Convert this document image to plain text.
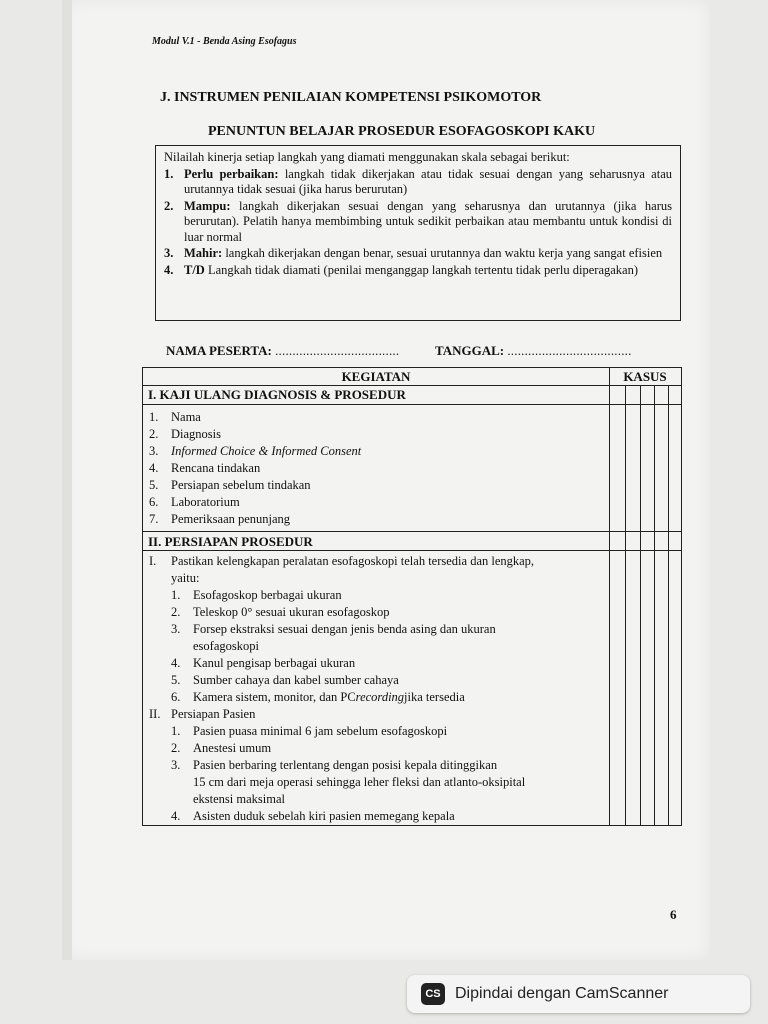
Modul V.1 - Benda Asing Esofagus
J. INSTRUMEN PENILAIAN KOMPETENSI PSIKOMOTOR
PENUNTUN BELAJAR PROSEDUR ESOFAGOSKOPI KAKU
Nilailah kinerja setiap langkah yang diamati menggunakan skala sebagai berikut:
1. Perlu perbaikan: langkah tidak dikerjakan atau tidak sesuai dengan yang seharusnya atau urutannya tidak sesuai (jika harus berurutan)
2. Mampu: langkah dikerjakan sesuai dengan yang seharusnya dan urutannya (jika harus berurutan). Pelatih hanya membimbing untuk sedikit perbaikan atau membantu untuk kondisi di luar normal
3. Mahir: langkah dikerjakan dengan benar, sesuai urutannya dan waktu kerja yang sangat efisien
4. T/D Langkah tidak diamati (penilai menganggap langkah tertentu tidak perlu diperagakan)
NAMA PESERTA: ....................................	TANGGAL: ....................................
KEGIATAN	KASUS
I. KAJI ULANG DIAGNOSIS & PROSEDUR
1.	Nama
2.	Diagnosis
3.	Informed Choice & Informed Consent
4.	Rencana tindakan
5.	Persiapan sebelum tindakan
6.	Laboratorium
7.	Pemeriksaan penunjang
II. PERSIAPAN PROSEDUR
I.	Pastikan kelengkapan peralatan esofagoskopi telah tersedia dan lengkap,
yaitu:
1.	Esofagoskop berbagai ukuran
2.	Teleskop 0° sesuai ukuran esofagoskop
3.	Forsep ekstraksi sesuai dengan jenis benda asing dan ukuran
esofagoskopi
4.	Kanul pengisap berbagai ukuran
5.	Sumber cahaya dan kabel sumber cahaya
6.	Kamera sistem, monitor, dan PC recording jika tersedia
II. Persiapan Pasien
1.	Pasien puasa minimal 6 jam sebelum esofagoskopi
2.	Anestesi umum
3.	Pasien berbaring terlentang dengan posisi kepala ditinggikan
15 cm dari meja operasi sehingga leher fleksi dan atlanto-oksipital
ekstensi maksimal
4.	Asisten duduk sebelah kiri pasien memegang kepala
6
CS Dipindai dengan CamScanner
